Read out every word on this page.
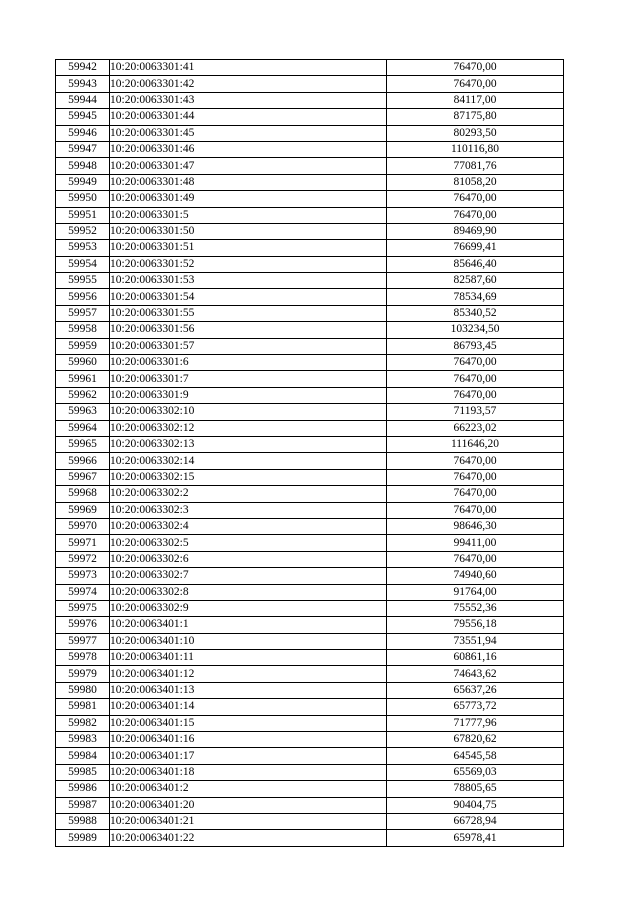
59942	10:20:0063301:41	76470,00
59943	10:20:0063301:42	76470,00
59944	10:20:0063301:43	84117,00
59945	10:20:0063301:44	87175,80
59946	10:20:0063301:45	80293,50
59947	10:20:0063301:46	110116,80
59948	10:20:0063301:47	77081,76
59949	10:20:0063301:48	81058,20
59950	10:20:0063301:49	76470,00
59951	10:20:0063301:5	76470,00
59952	10:20:0063301:50	89469,90
59953	10:20:0063301:51	76699,41
59954	10:20:0063301:52	85646,40
59955	10:20:0063301:53	82587,60
59956	10:20:0063301:54	78534,69
59957	10:20:0063301:55	85340,52
59958	10:20:0063301:56	103234,50
59959	10:20:0063301:57	86793,45
59960	10:20:0063301:6	76470,00
59961	10:20:0063301:7	76470,00
59962	10:20:0063301:9	76470,00
59963	10:20:0063302:10	71193,57
59964	10:20:0063302:12	66223,02
59965	10:20:0063302:13	111646,20
59966	10:20:0063302:14	76470,00
59967	10:20:0063302:15	76470,00
59968	10:20:0063302:2	76470,00
59969	10:20:0063302:3	76470,00
59970	10:20:0063302:4	98646,30
59971	10:20:0063302:5	99411,00
59972	10:20:0063302:6	76470,00
59973	10:20:0063302:7	74940,60
59974	10:20:0063302:8	91764,00
59975	10:20:0063302:9	75552,36
59976	10:20:0063401:1	79556,18
59977	10:20:0063401:10	73551,94
59978	10:20:0063401:11	60861,16
59979	10:20:0063401:12	74643,62
59980	10:20:0063401:13	65637,26
59981	10:20:0063401:14	65773,72
59982	10:20:0063401:15	71777,96
59983	10:20:0063401:16	67820,62
59984	10:20:0063401:17	64545,58
59985	10:20:0063401:18	65569,03
59986	10:20:0063401:2	78805,65
59987	10:20:0063401:20	90404,75
59988	10:20:0063401:21	66728,94
59989	10:20:0063401:22	65978,41
